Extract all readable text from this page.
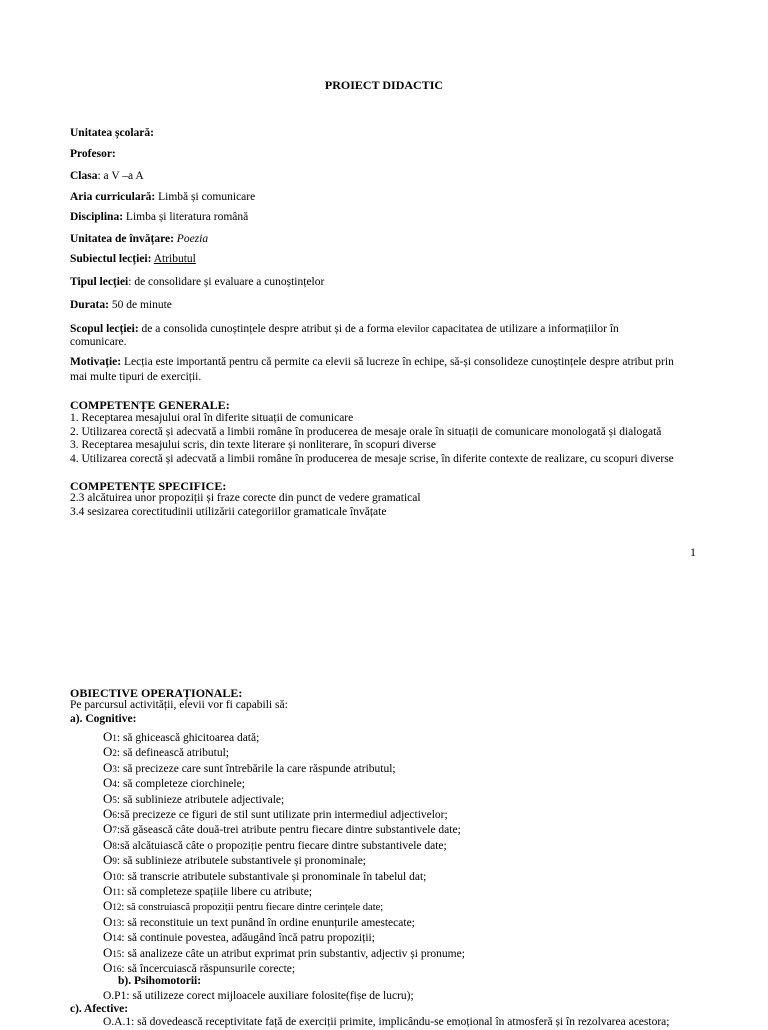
PROIECT DIDACTIC
Unitatea școlară:
Profesor:
Clasa: a V –a A
Aria curriculară: Limbă și comunicare
Disciplina: Limba și literatura română
Unitatea de învățare: Poezia
Subiectul lecției: Atributul
Tipul lecției: de consolidare și evaluare a cunoștințelor
Durata: 50 de minute
Scopul lecției: de a consolida cunoștințele despre atribut și de a forma elevilor capacitatea de utilizare a informațiilor în
comunicare.
Motivație: Lecția este importantă pentru că permite ca elevii să lucreze în echipe, să-și consolideze cunoștințele despre atribut prin
mai multe tipuri de exerciții.
COMPETENȚE GENERALE:
1. Receptarea mesajului oral în diferite situații de comunicare
2. Utilizarea corectă și adecvată a limbii române în producerea de mesaje orale în situații de comunicare monologată și dialogată
3. Receptarea mesajului scris, din texte literare și nonliterare, în scopuri diverse
4. Utilizarea corectă și adecvată a limbii române în producerea de mesaje scrise, în diferite contexte de realizare, cu scopuri diverse
COMPETENȚE SPECIFICE:
2.3 alcătuirea unor propoziții și fraze corecte din punct de vedere gramatical
3.4 sesizarea corectitudinii utilizării categoriilor gramaticale învățate
1
OBIECTIVE OPERAȚIONALE:
Pe parcursul activității, elevii vor fi capabili să:
a). Cognitive:
O1: să ghicească ghicitoarea dată;
O2: să definească atributul;
O3: să precizeze care sunt întrebările la care răspunde atributul;
O4: să completeze ciorchinele;
O5: să sublinieze atributele adjectivale;
O6:să precizeze ce figuri de stil sunt utilizate prin intermediul adjectivelor;
O7:să găsească câte două-trei atribute pentru fiecare dintre substantivele date;
O8:să alcătuiască câte o propoziție pentru fiecare dintre substantivele date;
O9: să sublinieze atributele substantivele și pronominale;
O10: să transcrie atributele substantivale și pronominale în tabelul dat;
O11: să completeze spațiile libere cu atribute;
O12: să construiască propoziții pentru fiecare dintre cerințele date;
O13: să reconstituie un text punând în ordine enunțurile amestecate;
O14: să continuie povestea, adăugând încă patru propoziții;
O15: să analizeze câte un atribut exprimat prin substantiv, adjectiv și pronume;
O16: să încercuiască răspunsurile corecte;
b). Psihomotorii:
O.P1: să utilizeze corect mijloacele auxiliare folosite(fișe de lucru);
c). Afective:
O.A.1: să dovedească receptivitate față de exerciții primite, implicându-se emoțional în atmosferă și în rezolvarea acestora;
